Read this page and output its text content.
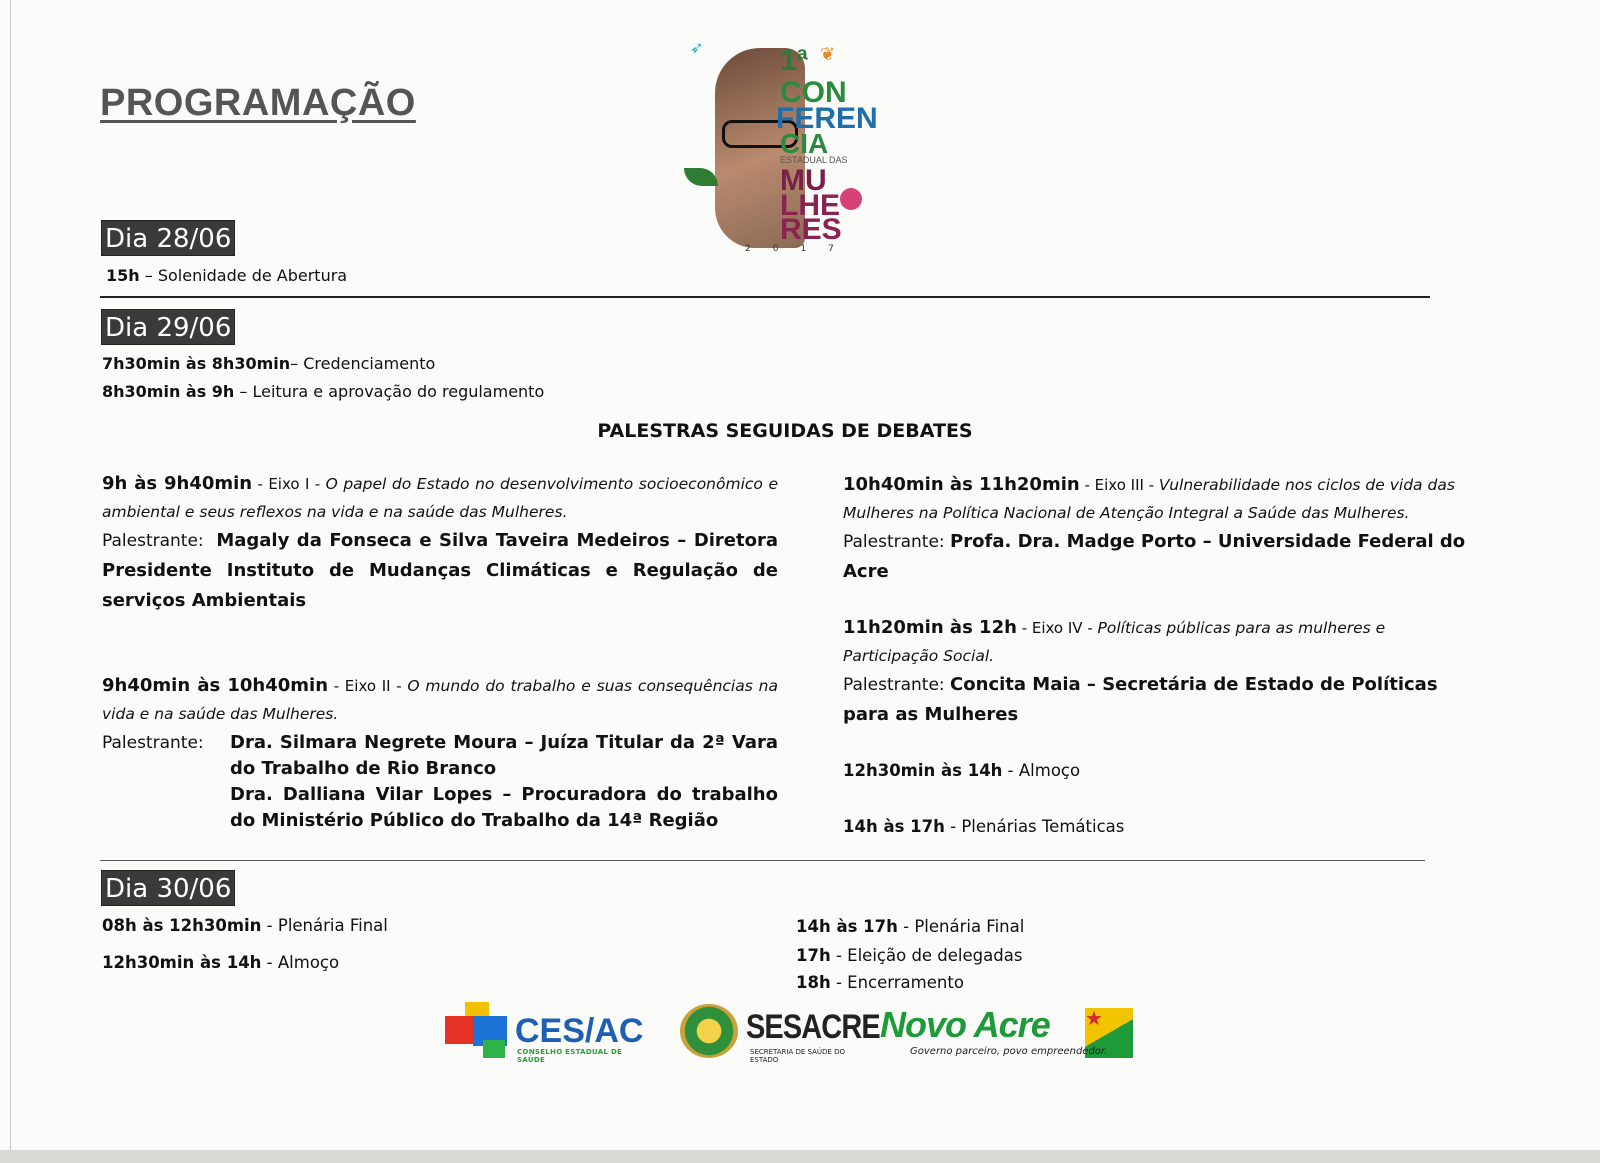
PROGRAMAÇÃO
➶	❦
1ª
CON
FEREN
CIA
ESTADUAL DAS
MU
LHE
RES
2017
Dia 28/06
15h – Solenidade de Abertura
Dia 29/06
7h30min às 8h30min– Credenciamento
8h30min às 9h – Leitura e aprovação do regulamento
PALESTRAS SEGUIDAS DE DEBATES
9h às 9h40min - Eixo I - O papel do Estado no desenvolvimento socioeconômico e ambiental e seus reflexos na vida e na saúde das Mulheres.
Palestrante: Magaly da Fonseca e Silva Taveira Medeiros – Diretora Presidente Instituto de Mudanças Climáticas e Regulação de serviços Ambientais
9h40min às 10h40min - Eixo II - O mundo do trabalho e suas consequências na vida e na saúde das Mulheres.
Palestrante:	Dra. Silmara Negrete Moura – Juíza Titular da 2ª Vara do Trabalho de Rio Branco
Dra. Dalliana Vilar Lopes – Procuradora do trabalho do Ministério Público do Trabalho da 14ª Região
10h40min às 11h20min - Eixo III - Vulnerabilidade nos ciclos de vida das Mulheres na Política Nacional de Atenção Integral a Saúde das Mulheres.
Palestrante: Profa. Dra. Madge Porto – Universidade Federal do Acre
11h20min às 12h - Eixo IV - Políticas públicas para as mulheres e Participação Social.
Palestrante: Concita Maia – Secretária de Estado de Políticas para as Mulheres
12h30min às 14h - Almoço
14h às 17h - Plenárias Temáticas
Dia 30/06
08h às 12h30min - Plenária Final
12h30min às 14h - Almoço
14h às 17h - Plenária Final
17h - Eleição de delegadas
18h - Encerramento
CES/AC
CONSELHO ESTADUAL DE SAÚDE
SESACRE
SECRETARIA DE SAÚDE DO ESTADO
Novo Acre ★
Governo parceiro, povo empreendedor.
